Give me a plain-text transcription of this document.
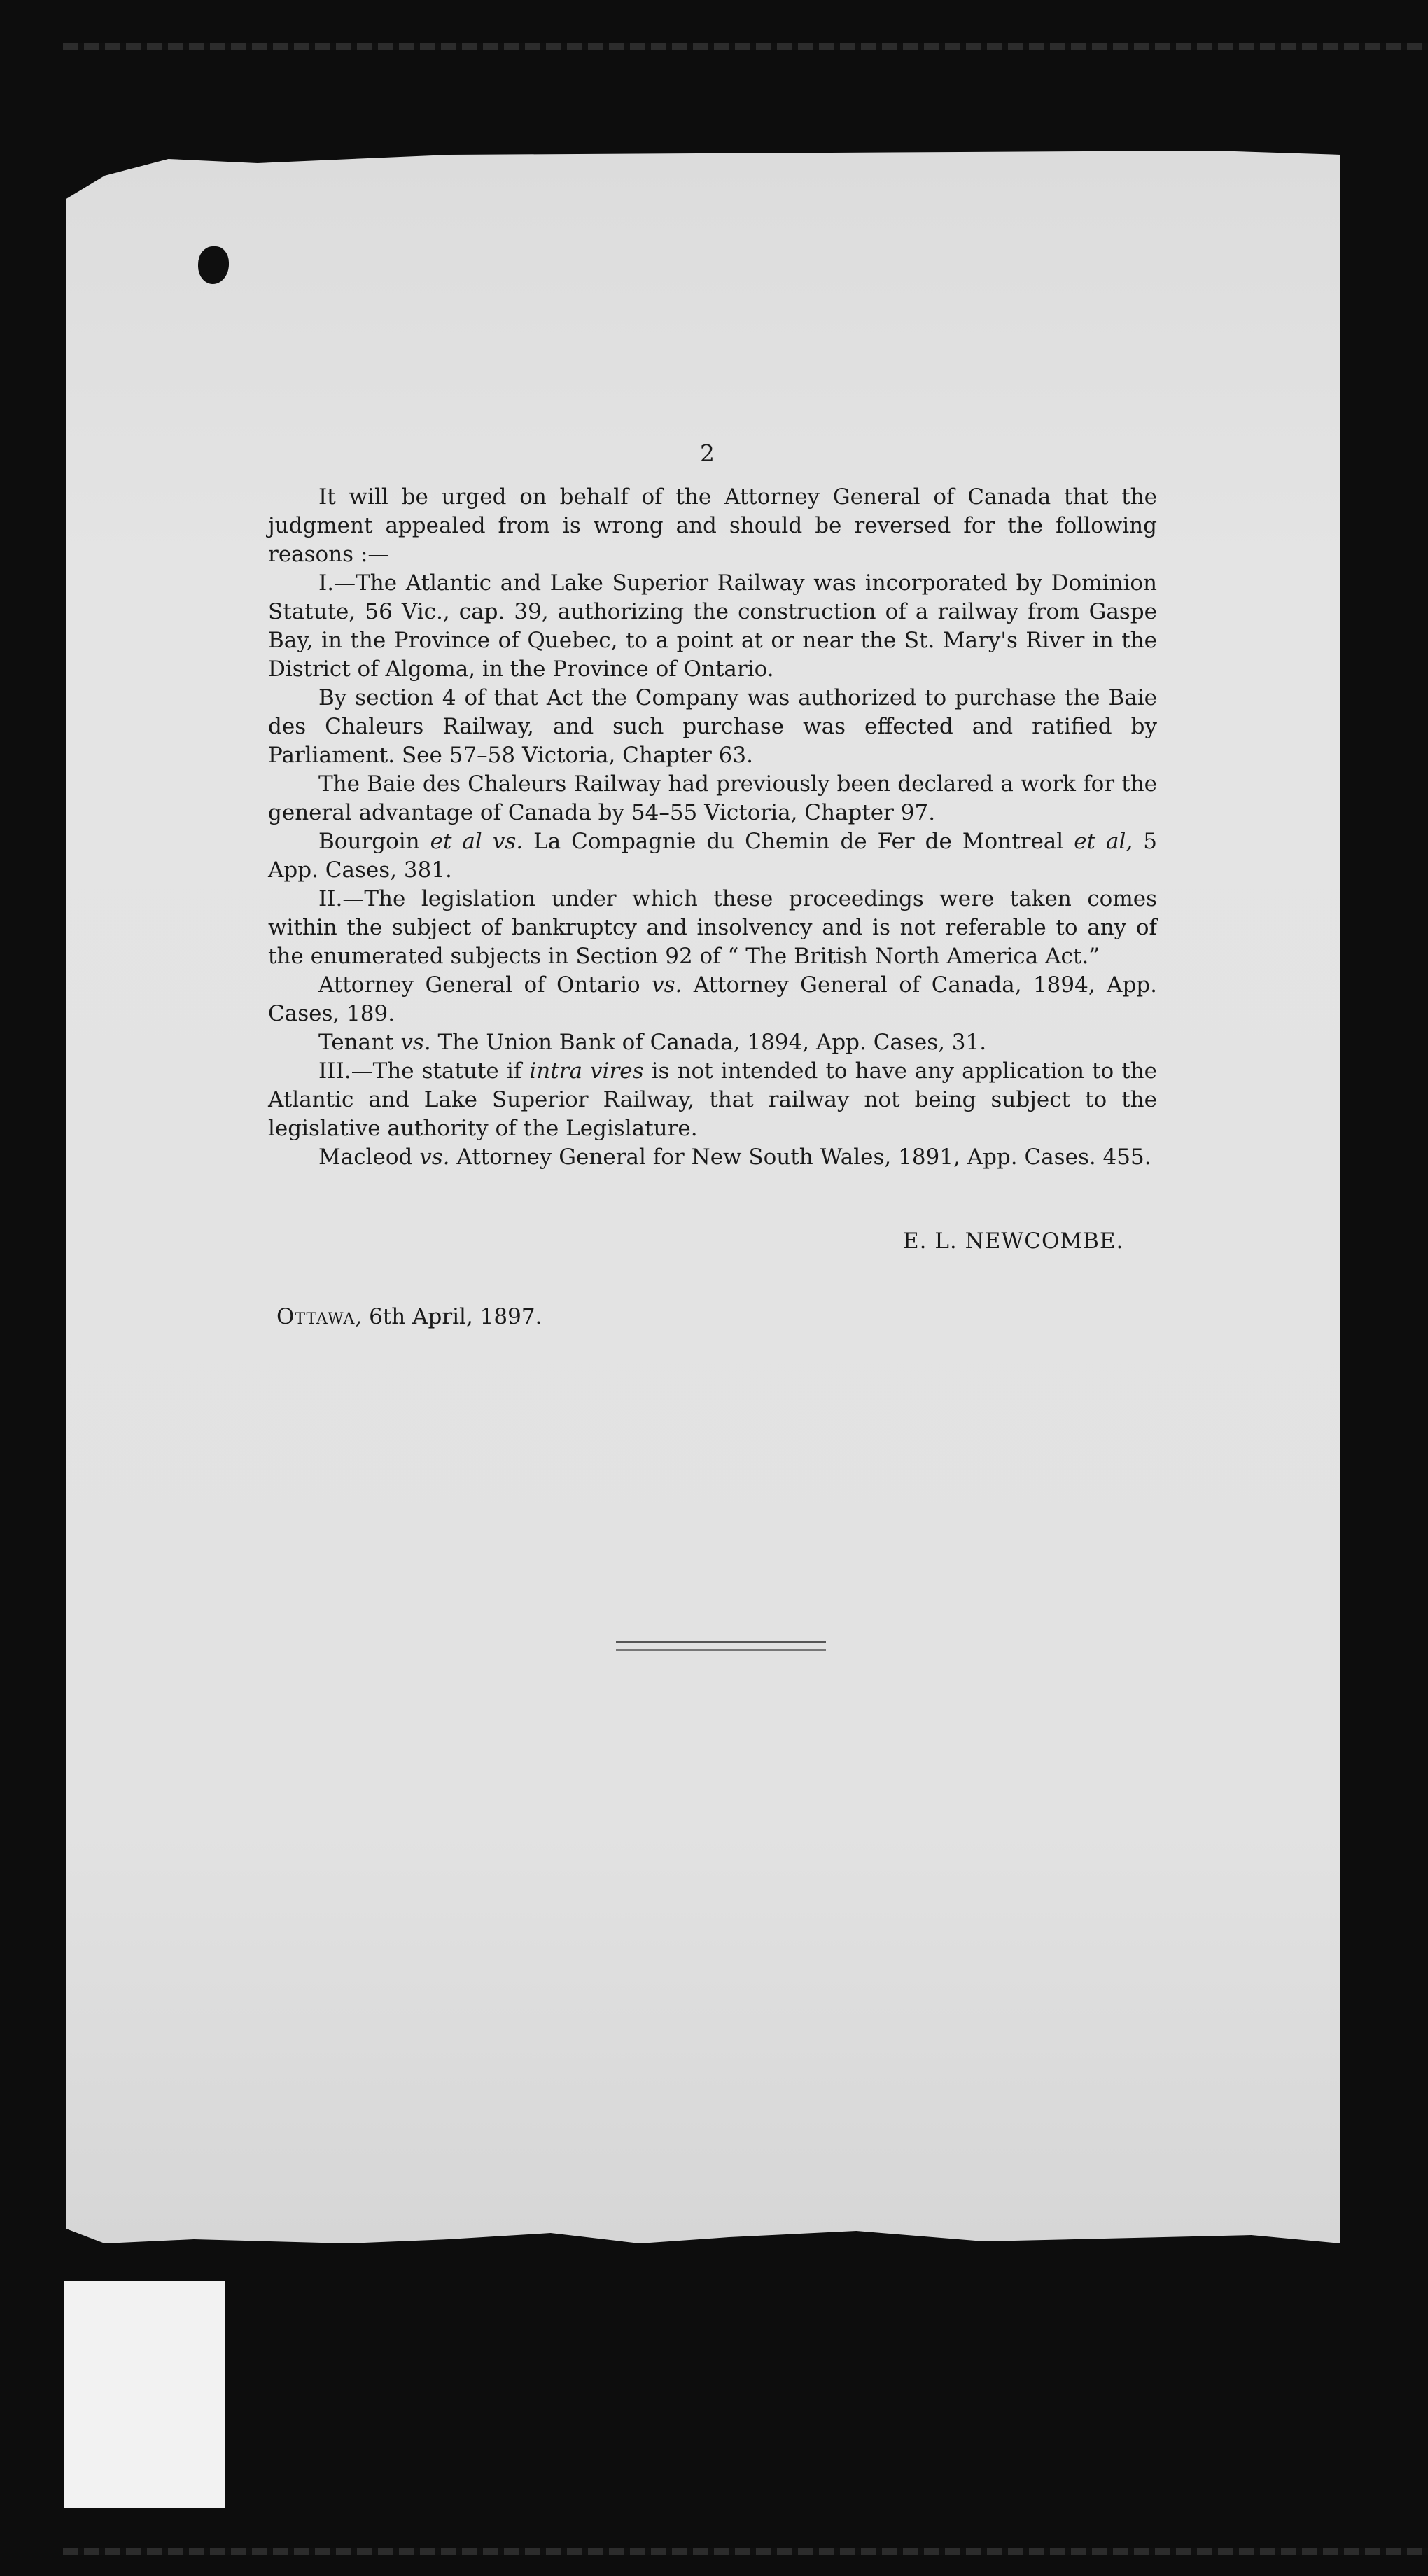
2

It will be urged on behalf of the Attorney General of Canada that the judgment appealed from is wrong and should be reversed for the following reasons :—

I.—The Atlantic and Lake Superior Railway was incorporated by Dominion Statute, 56 Vic., cap. 39, authorizing the construction of a railway from Gaspe Bay, in the Province of Quebec, to a point at or near the St. Mary's River in the District of Algoma, in the Province of Ontario.

By section 4 of that Act the Company was authorized to purchase the Baie des Chaleurs Railway, and such purchase was effected and ratified by Parliament. See 57–58 Victoria, Chapter 63.

The Baie des Chaleurs Railway had previously been declared a work for the general advantage of Canada by 54–55 Victoria, Chapter 97.

Bourgoin et al vs. La Compagnie du Chemin de Fer de Montreal et al, 5 App. Cases, 381.

II.—The legislation under which these proceedings were taken comes within the subject of bankruptcy and insolvency and is not referable to any of the enumerated subjects in Section 92 of “ The British North America Act.”

Attorney General of Ontario vs. Attorney General of Canada, 1894, App. Cases, 189.

Tenant vs. The Union Bank of Canada, 1894, App. Cases, 31.

III.—The statute if intra vires is not intended to have any application to the Atlantic and Lake Superior Railway, that railway not being subject to the legislative authority of the Legislature.

Macleod vs. Attorney General for New South Wales, 1891, App. Cases. 455.

E. L. NEWCOMBE.
Ottawa, 6th April, 1897.
